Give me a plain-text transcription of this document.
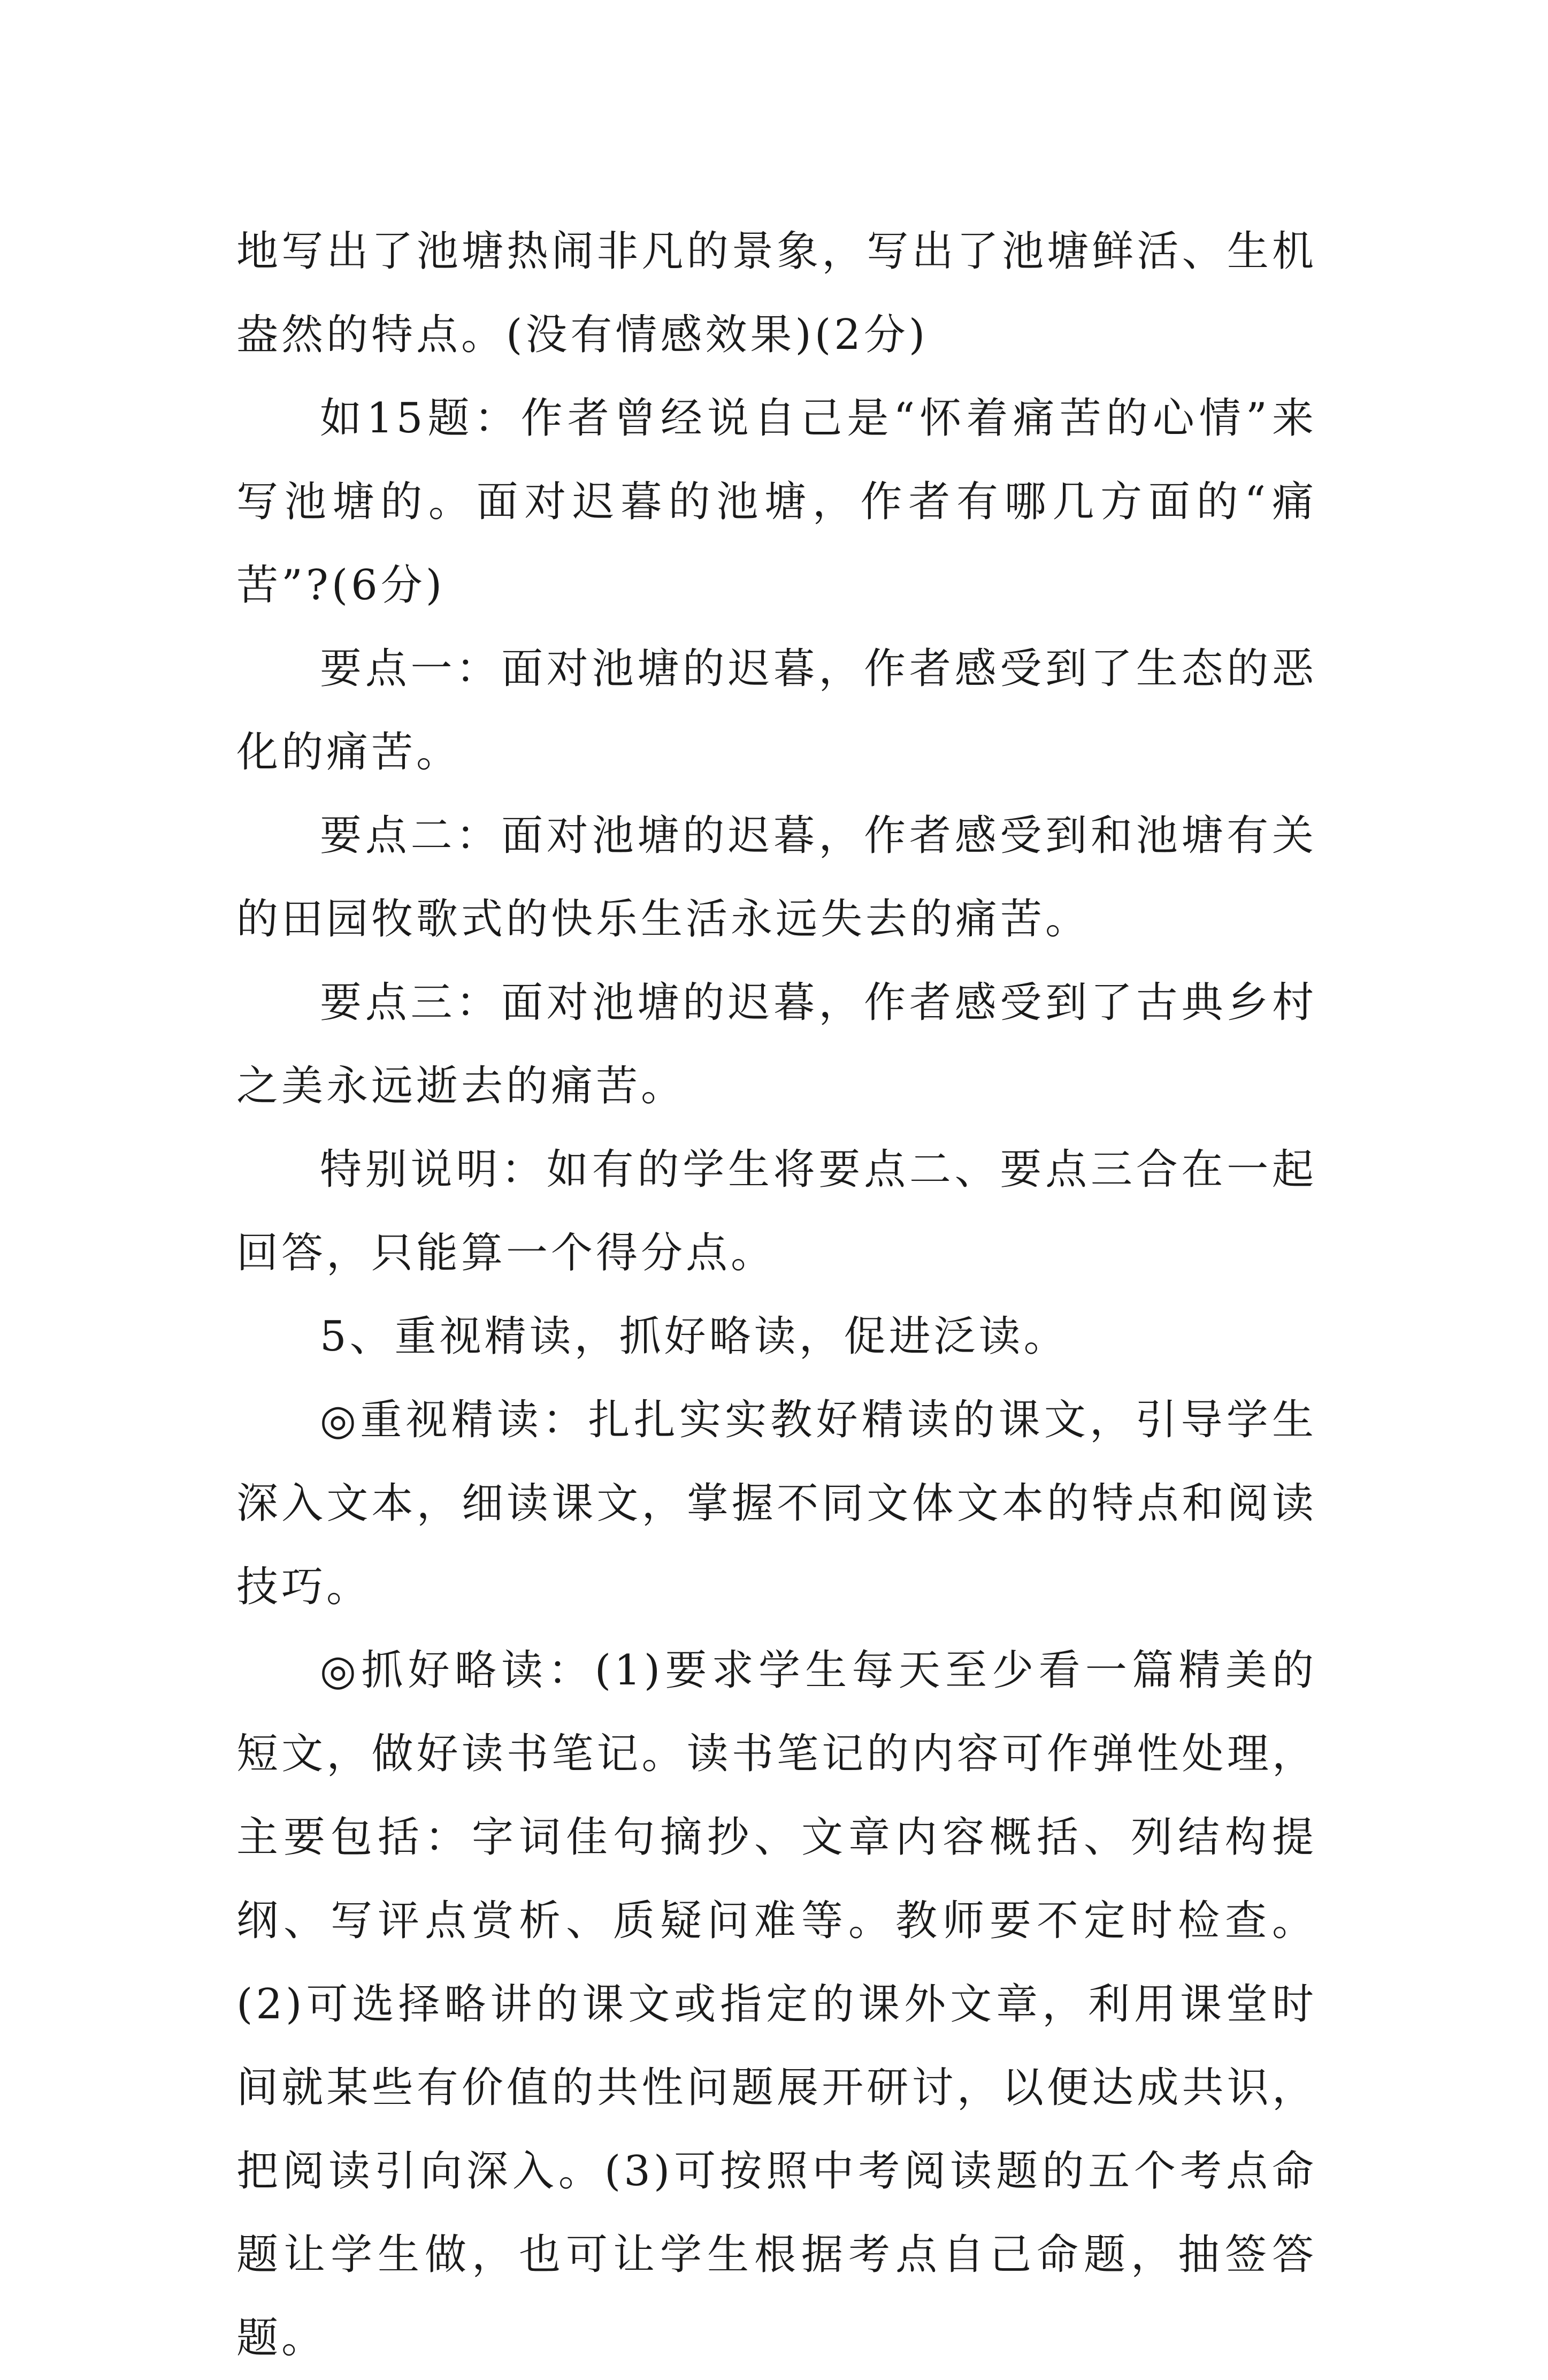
地写出了池塘热闹非凡的景象，写出了池塘鲜活、生机盎然的特点。(没有情感效果)(2分)

如15题：作者曾经说自己是“怀着痛苦的心情”来写池塘的。面对迟暮的池塘，作者有哪几方面的“痛苦”?(6分)

要点一：面对池塘的迟暮，作者感受到了生态的恶化的痛苦。

要点二：面对池塘的迟暮，作者感受到和池塘有关的田园牧歌式的快乐生活永远失去的痛苦。

要点三：面对池塘的迟暮，作者感受到了古典乡村之美永远逝去的痛苦。

特别说明：如有的学生将要点二、要点三合在一起回答，只能算一个得分点。

5、重视精读，抓好略读，促进泛读。

◎重视精读：扎扎实实教好精读的课文，引导学生深入文本，细读课文，掌握不同文体文本的特点和阅读技巧。

◎抓好略读：(1)要求学生每天至少看一篇精美的短文，做好读书笔记。读书笔记的内容可作弹性处理，主要包括：字词佳句摘抄、文章内容概括、列结构提纲、写评点赏析、质疑问难等。教师要不定时检查。(2)可选择略讲的课文或指定的课外文章，利用课堂时间就某些有价值的共性问题展开研讨，以便达成共识，把阅读引向深入。(3)可按照中考阅读题的五个考点命题让学生做，也可让学生根据考点自己命题，抽签答题。
